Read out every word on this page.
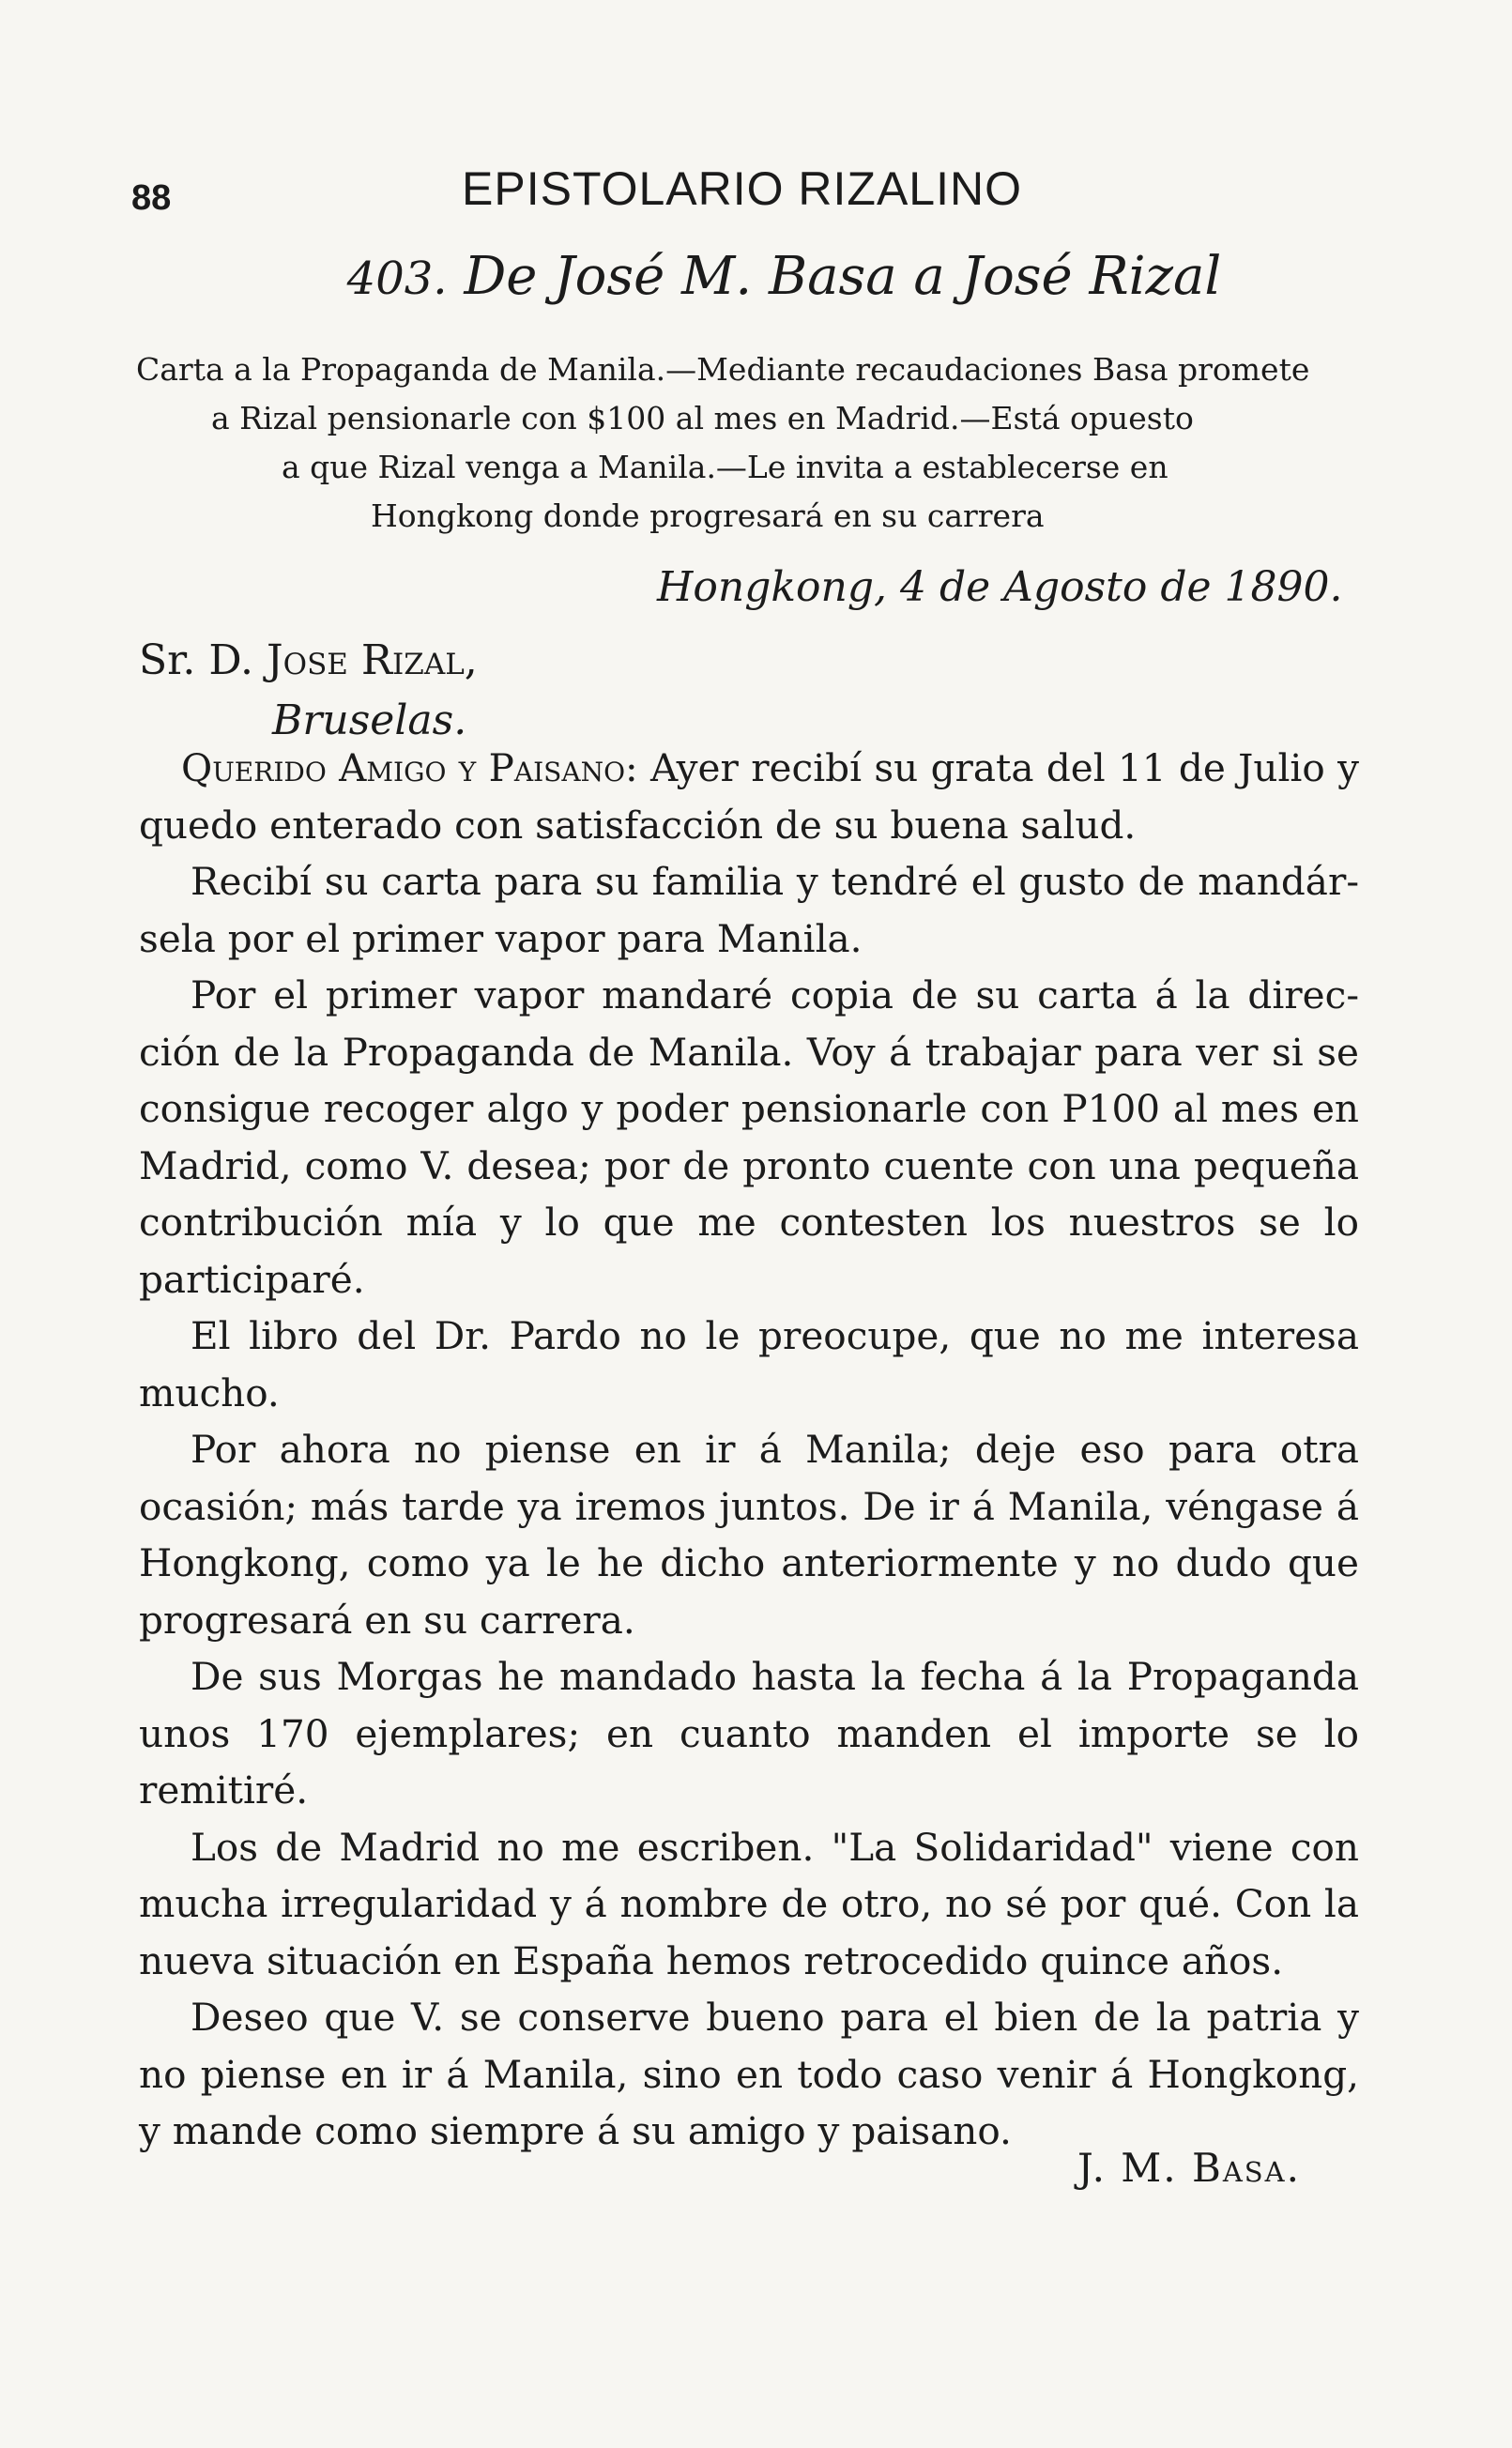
88	EPISTOLARIO RIZALINO
403. De José M. Basa a José Rizal
Carta a la Propaganda de Manila.—Mediante recaudaciones Basa promete
a Rizal pensionarle con $100 al mes en Madrid.—Está opuesto
a que Rizal venga a Manila.—Le invita a establecerse en
Hongkong donde progresará en su carrera
Hongkong, 4 de Agosto de 1890.
Sr. D. Jose Rizal,
Bruselas.

Querido Amigo y Paisano: Ayer recibí su grata del 11 de Julio y quedo enterado con satisfacción de su buena salud.

Recibí su carta para su familia y tendré el gusto de mandársela por el primer vapor para Manila.

Por el primer vapor mandaré copia de su carta á la dirección de la Propaganda de Manila. Voy á trabajar para ver si se consigue recoger algo y poder pensionarle con P100 al mes en Madrid, como V. desea; por de pronto cuente con una pequeña contribución mía y lo que me contesten los nuestros se lo participaré.

El libro del Dr. Pardo no le preocupe, que no me interesa mucho.

Por ahora no piense en ir á Manila; deje eso para otra ocasión; más tarde ya iremos juntos. De ir á Manila, véngase á Hongkong, como ya le he dicho anteriormente y no dudo que progresará en su carrera.

De sus Morgas he mandado hasta la fecha á la Propaganda unos 170 ejemplares; en cuanto manden el importe se lo remitiré.

Los de Madrid no me escriben. "La Solidaridad" viene con mucha irregularidad y á nombre de otro, no sé por qué. Con la nueva situación en España hemos retrocedido quince años.

Deseo que V. se conserve bueno para el bien de la patria y no piense en ir á Manila, sino en todo caso venir á Hongkong, y mande como siempre á su amigo y paisano.

J. M. Basa.
